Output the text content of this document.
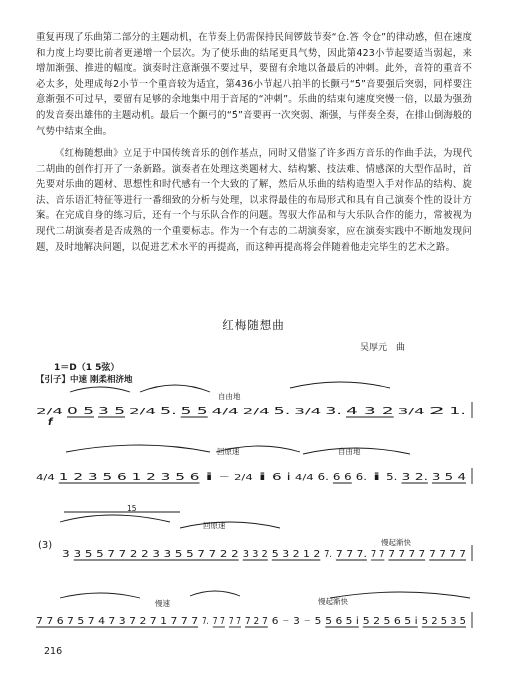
重复再现了乐曲第二部分的主题动机，在节奏上仍需保持民间锣鼓节奏“仓.答 令仓”的律动感，但在速度和力度上均要比前者更递增一个层次。为了使乐曲的结尾更具气势，因此第423小节起要适当弱起，来增加渐强、推进的幅度。演奏时注意渐强不要过早，要留有余地以备最后的冲刺。此外，音符的重音不必太多，处理成每2小节一个重音较为适宜，第436小节起八拍半的长颤弓“5̇”音要强后突弱，同样要注意渐强不可过早，要留有足够的余地集中用于音尾的“冲刺”。乐曲的结束句速度突慢一倍，以最为强劲的发音奏出雄伟的主题动机。最后一个颤弓的“5̇”音要再一次突弱、渐强，与伴奏全奏，在排山倒海般的气势中结束全曲。
《红梅随想曲》立足于中国传统音乐的创作基点，同时又借鉴了许多西方音乐的作曲手法，为现代二胡曲的创作打开了一条新路。演奏者在处理这类题材大、结构繁、技法难、情感深的大型作品时，首先要对乐曲的题材、思想性和时代感有一个大致的了解，然后从乐曲的结构造型入手对作品的结构、旋法、音乐语汇特征等进行一番细致的分析与处理，以求得最佳的布局形式和具有自己演奏个性的设计方案。在完成自身的练习后，还有一个与乐队合作的问题。驾驭大作品和与大乐队合作的能力，常被视为现代二胡演奏者是否成熟的一个重要标志。作为一个有志的二胡演奏家，应在演奏实践中不断地发现问题，及时地解决问题，以促进艺术水平的再提高，而这种再提高将会伴随着他走完毕生的艺术之路。
红梅随想曲
吴厚元　曲
1＝D（1 5弦）
【引子】中速 刚柔相济地
自由地
回原速	自由地
回原速
慢起渐快
慢速	慢起渐快
15
f
(3)
2/4 0 5 3 5 2/4 5. 5 5 4/4 2/4 5. 3/4 3. 4 3 2 3/4 2 1.
4/4 1 2 3 5 6 1 2 3 5 6 i － 2/4 i 6 i 4/4 6. 6 6 6. i 5. 3 2. 3 5 4
3 3 5 5 7 7 2 2 3 3 5 5 7 7 2 2 3 3 2 5 3 2 1 2 7. 7 7 7. 7 7 7 7 7 7 7 7 7 7
7 7 6 7 5 7 4 7 3 7 2 7 1 7 7 7 7. 7 7 7 7 7 2 7 6 － 3 － 5 5 6 5 i 5 2 5 6 5 i 5 2 5 3 5
216
